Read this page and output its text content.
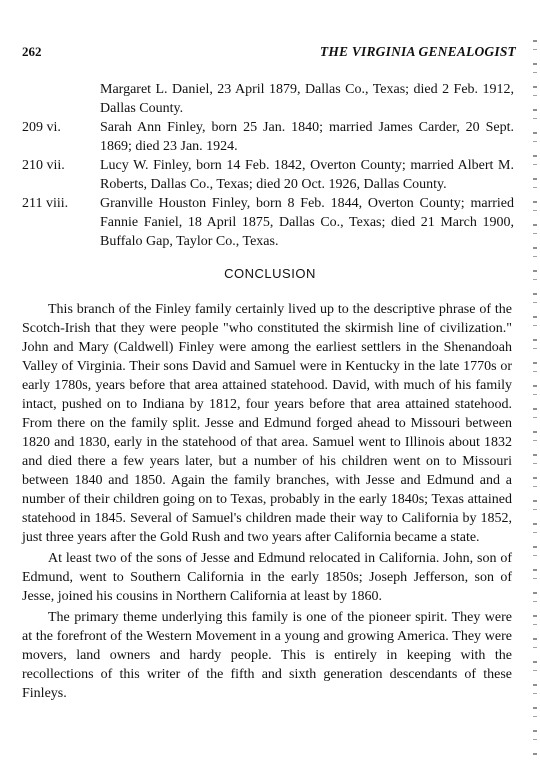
262	THE VIRGINIA GENEALOGIST
Margaret L. Daniel, 23 April 1879, Dallas Co., Texas; died 2 Feb. 1912, Dallas County.
209 vi.	Sarah Ann Finley, born 25 Jan. 1840; married James Carder, 20 Sept. 1869; died 23 Jan. 1924.
210 vii.	Lucy W. Finley, born 14 Feb. 1842, Overton County; married Albert M. Roberts, Dallas Co., Texas; died 20 Oct. 1926, Dallas County.
211 viii.	Granville Houston Finley, born 8 Feb. 1844, Overton County; married Fannie Faniel, 18 April 1875, Dallas Co., Texas; died 21 March 1900, Buffalo Gap, Taylor Co., Texas.
CONCLUSION

This branch of the Finley family certainly lived up to the descriptive phrase of the Scotch-Irish that they were people "who constituted the skirmish line of civilization." John and Mary (Caldwell) Finley were among the earliest settlers in the Shenandoah Valley of Virginia. Their sons David and Samuel were in Kentucky in the late 1770s or early 1780s, years before that area attained statehood. David, with much of his family intact, pushed on to Indiana by 1812, four years before that area attained statehood. From there on the family split. Jesse and Edmund forged ahead to Missouri between 1820 and 1830, early in the statehood of that area. Samuel went to Illinois about 1832 and died there a few years later, but a number of his children went on to Missouri between 1840 and 1850. Again the family branches, with Jesse and Edmund and a number of their children going on to Texas, probably in the early 1840s; Texas attained statehood in 1845. Several of Samuel's children made their way to California by 1852, just three years after the Gold Rush and two years after California became a state.

At least two of the sons of Jesse and Edmund relocated in California. John, son of Edmund, went to Southern California in the early 1850s; Joseph Jefferson, son of Jesse, joined his cousins in Northern California at least by 1860.

The primary theme underlying this family is one of the pioneer spirit. They were at the forefront of the Western Movement in a young and growing America. They were movers, land owners and hardy people. This is entirely in keeping with the recollections of this writer of the fifth and sixth generation descendants of these Finleys.
